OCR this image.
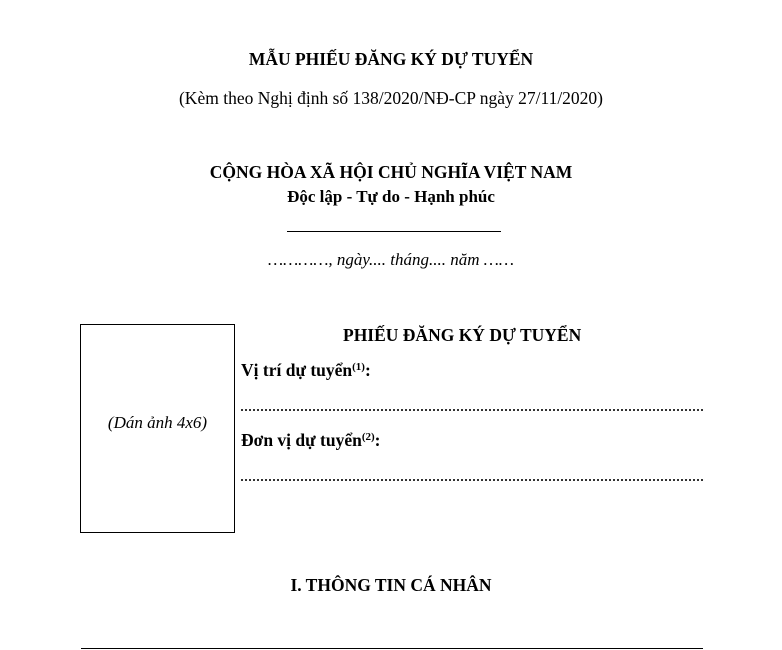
MẪU PHIẾU ĐĂNG KÝ DỰ TUYỂN
(Kèm theo Nghị định số 138/2020/NĐ-CP ngày 27/11/2020)
CỘNG HÒA XÃ HỘI CHỦ NGHĨA VIỆT NAM
Độc lập - Tự do - Hạnh phúc
…………, ngày.... tháng.... năm ……
(Dán ảnh 4x6)
PHIẾU ĐĂNG KÝ DỰ TUYỂN
Vị trí dự tuyển$^{(1)}$:
Đơn vị dự tuyển$^{(2)}$:
I. THÔNG TIN CÁ NHÂN
